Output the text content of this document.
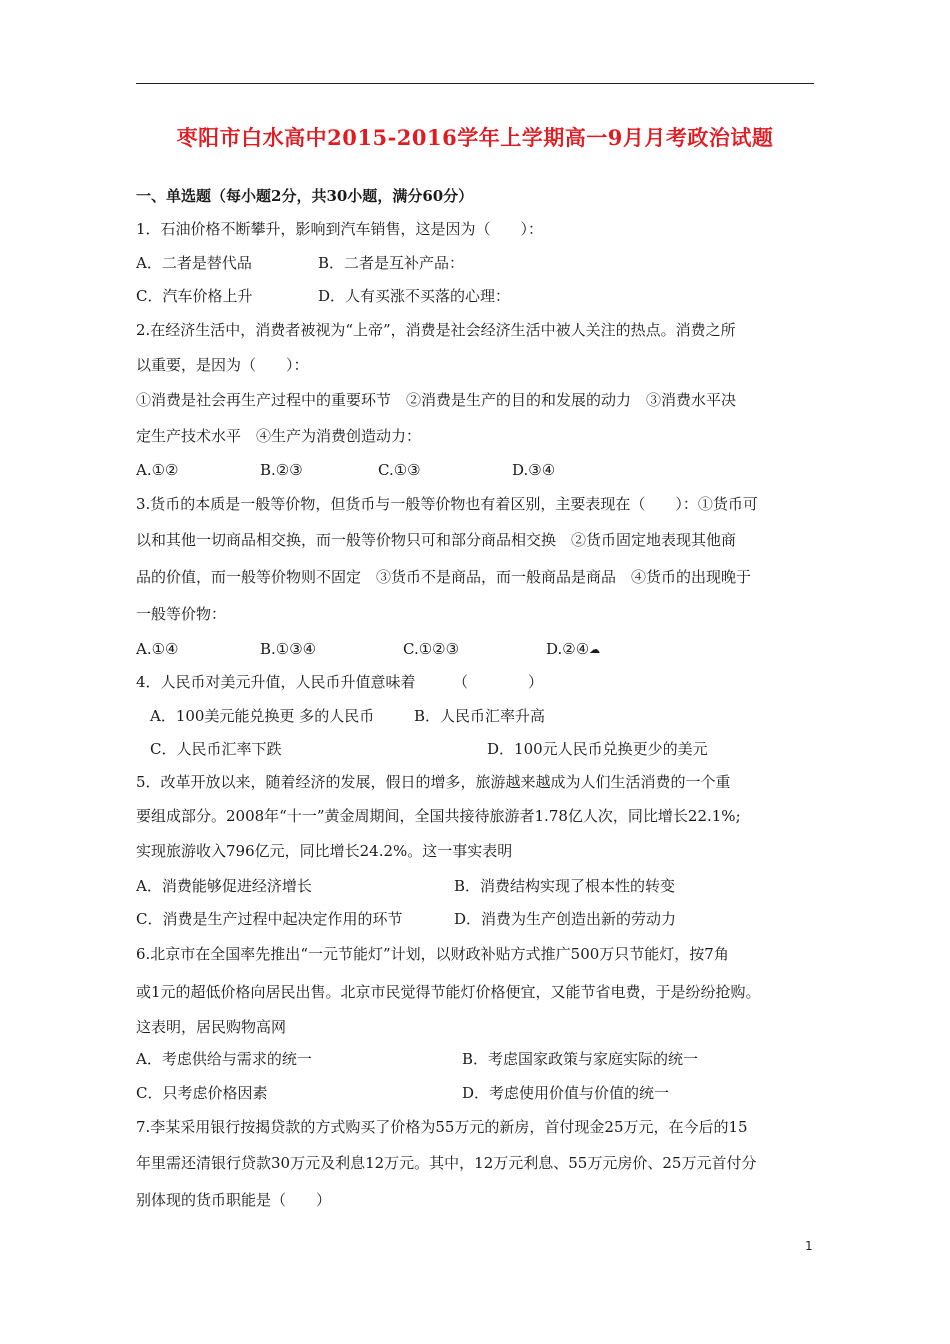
枣阳市白水高中2015-2016学年上学期高一9月月考政治试题
一、单选题（每小题2分，共30小题，满分60分）
1．石油价格不断攀升，影响到汽车销售，这是因为（　　）：
A．二者是替代品	B．二者是互补产品：
C．汽车价格上升	D．人有买涨不买落的心理：
2.在经济生活中，消费者被视为“上帝”，消费是社会经济生活中被人关注的热点。消费之所
以重要，是因为（　　）：
①消费是社会再生产过程中的重要环节　②消费是生产的目的和发展的动力　③消费水平决
定生产技术水平　④生产为消费创造动力：
A.①②	B.②③	C.①③	D.③④
3.货币的本质是一般等价物，但货币与一般等价物也有着区别，主要表现在（　　）：①货币可
以和其他一切商品相交换，而一般等价物只可和部分商品相交换　②货币固定地表现其他商
品的价值，而一般等价物则不固定　③货币不是商品，而一般商品是商品　④货币的出现晚于
一般等价物：
A.①④	B.①③④	C.①②③	D.②④☁
4．人民币对美元升值，人民币升值意味着　　　（　　　　）
A．100美元能兑换更 多的人民币	B．人民币汇率升高
C．人民币汇率下跌	D．100元人民币兑换更少的美元
5．改革开放以来，随着经济的发展，假日的增多，旅游越来越成为人们生活消费的一个重
要组成部分。2008年“十一”黄金周期间，全国共接待旅游者1.78亿人次，同比增长22.1%;
实现旅游收入796亿元，同比增长24.2%。这一事实表明
A．消费能够促进经济增长	B．消费结构实现了根本性的转变
C．消费是生产过程中起决定作用的环节	D．消费为生产创造出新的劳动力
6.北京市在全国率先推出“一元节能灯”计划，以财政补贴方式推广500万只节能灯，按7角
或1元的超低价格向居民出售。北京市民觉得节能灯价格便宜，又能节省电费，于是纷纷抢购。
这表明，居民购物高网
A．考虑供给与需求的统一	B．考虑国家政策与家庭实际的统一
C．只考虑价格因素	D．考虑使用价值与价值的统一
7.李某采用银行按揭贷款的方式购买了价格为55万元的新房，首付现金25万元，在今后的15
年里需还清银行贷款30万元及利息12万元。其中，12万元利息、55万元房价、25万元首付分
别体现的货币职能是（　　）
1
